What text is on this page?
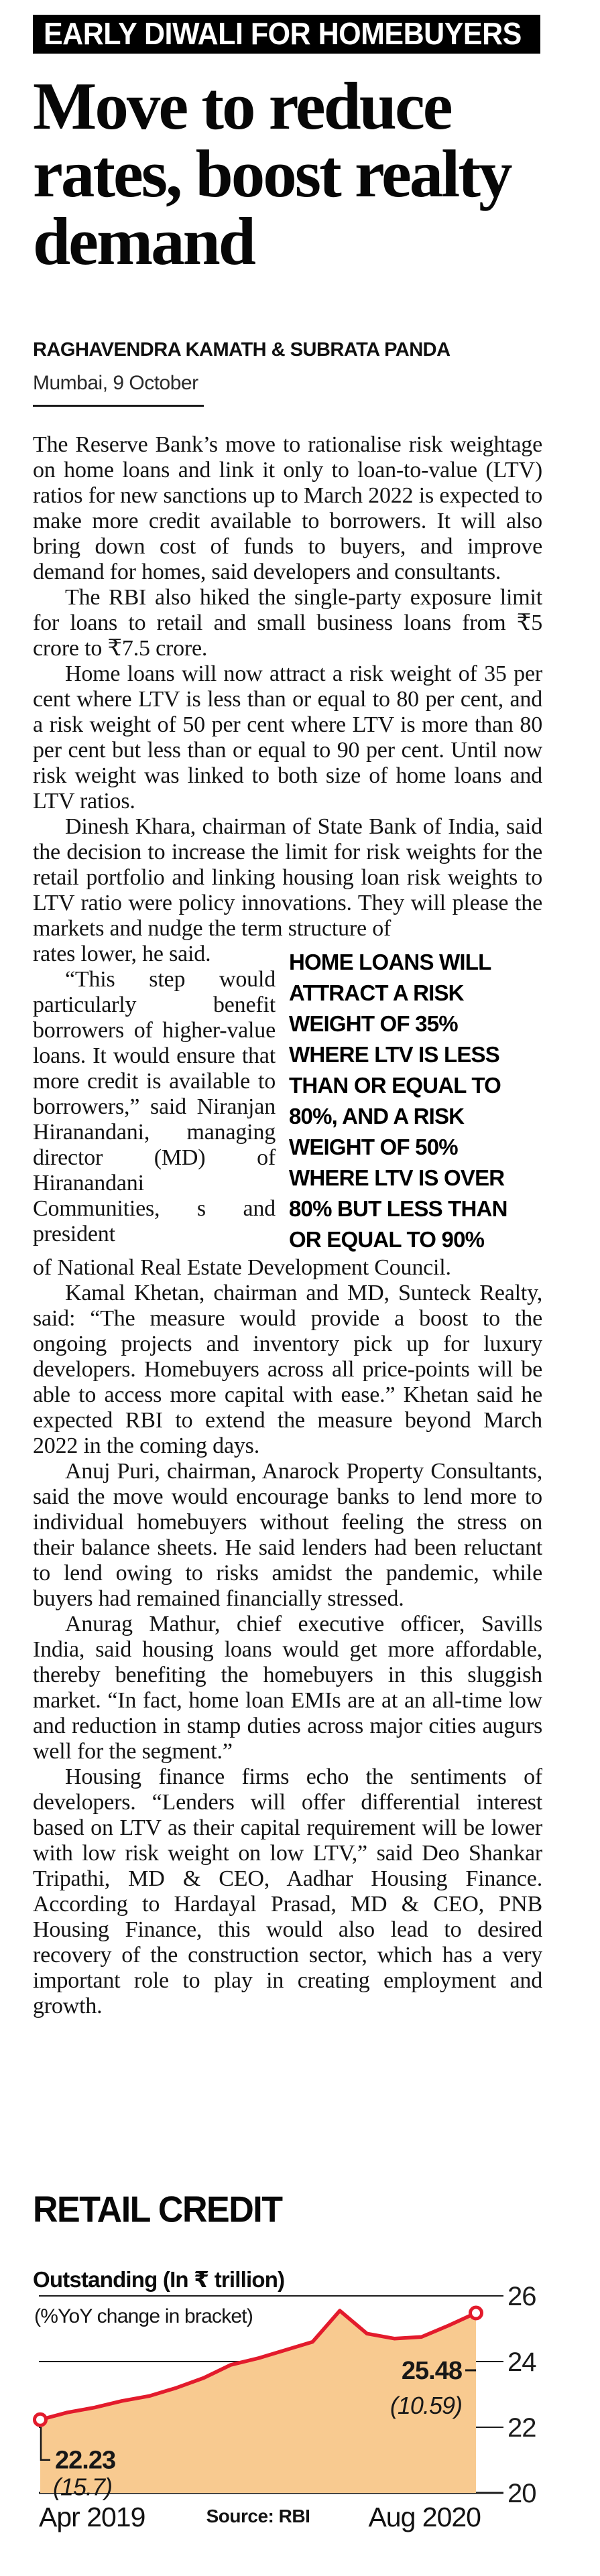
EARLY DIWALI FOR HOMEBUYERS
Move to reduce rates, boost realty demand
RAGHAVENDRA KAMATH & SUBRATA PANDA
Mumbai, 9 October

The Reserve Bank’s move to rationalise risk weightage on home loans and link it only to loan-to-value (LTV) ratios for new sanctions up to March 2022 is expected to make more credit available to borrowers. It will also bring down cost of funds to buyers, and improve demand for homes, said developers and consultants.

The RBI also hiked the single-party exposure limit for loans to retail and small business loans from ₹5 crore to ₹7.5 crore.

Home loans will now attract a risk weight of 35 per cent where LTV is less than or equal to 80 per cent, and a risk weight of 50 per cent where LTV is more than 80 per cent but less than or equal to 90 per cent. Until now risk weight was linked to both size of home loans and LTV ratios.

Dinesh Khara, chairman of State Bank of India, said the decision to increase the limit for risk weights for the retail portfolio and linking housing loan risk weights to LTV ratio were policy innovations. They will please the markets and nudge the term structure of

rates lower, he said.

“This step would particularly benefit borrowers of higher-value loans. It would ensure that more credit is available to borrowers,” said Niranjan Hiranandani, managing director (MD) of Hiranandani Communities, s and president

HOME LOANS WILL ATTRACT A RISK WEIGHT OF 35% WHERE LTV IS LESS THAN OR EQUAL TO 80%, AND A RISK WEIGHT OF 50% WHERE LTV IS OVER 80% BUT LESS THAN OR EQUAL TO 90%

of National Real Estate Development Council.

Kamal Khetan, chairman and MD, Sunteck Realty, said: “The measure would provide a boost to the ongoing projects and inventory pick up for luxury developers. Homebuyers across all price-points will be able to access more capital with ease.” Khetan said he expected RBI to extend the measure beyond March 2022 in the coming days.

Anuj Puri, chairman, Anarock Property Consultants, said the move would encourage banks to lend more to individual homebuyers without feeling the stress on their balance sheets. He said lenders had been reluctant to lend owing to risks amidst the pandemic, while buyers had remained financially stressed.

Anurag Mathur, chief executive officer, Savills India, said housing loans would get more affordable, thereby benefiting the homebuyers in this sluggish market. “In fact, home loan EMIs are at an all-time low and reduction in stamp duties across major cities augurs well for the segment.”

Housing finance firms echo the sentiments of developers. “Lenders will offer differential interest based on LTV as their capital requirement will be lower with low risk weight on low LTV,” said Deo Shankar Tripathi, MD & CEO, Aadhar Housing Finance. According to Hardayal Prasad, MD & CEO, PNB Housing Finance, this would also lead to desired recovery of the construction sector, which has a very important role to play in creating employment and growth.

RETAIL CREDIT
Outstanding (In ₹ trillion)
(%YoY change in bracket)
26
24
22
20
22.23
(15.7)
25.48
(10.59)
Apr 2019	Aug 2020
Source: RBI
